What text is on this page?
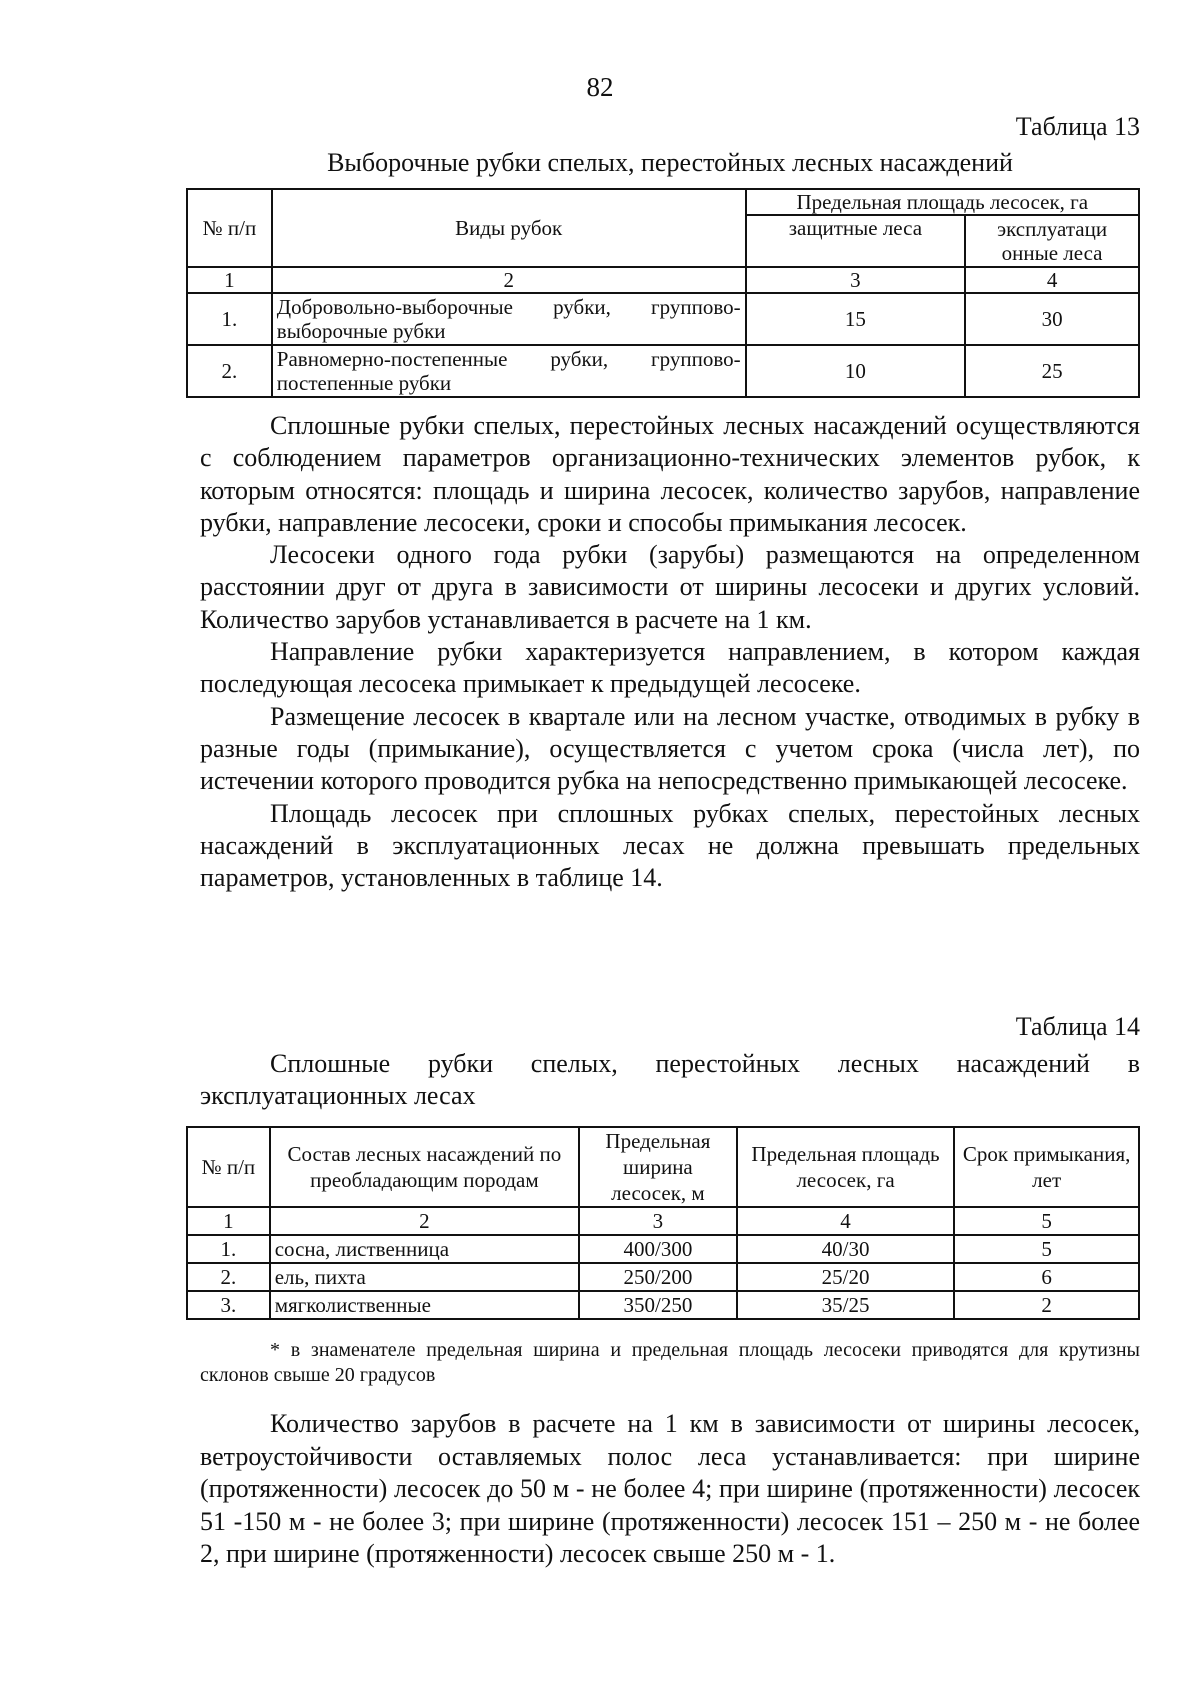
82
Таблица 13
Выборочные рубки спелых, перестойных лесных насаждений
№ п/п	Виды рубок	Предельная площадь лесосек, га	
		защитные леса	эксплуатаци онные леса
1	2	3	4
1.	Добровольно-выборочные рубки, группово-выборочные рубки	15	30
2.	Равномерно-постепенные рубки, группово-постепенные рубки	10	25

Сплошные рубки спелых, перестойных лесных насаждений осуществляются с соблюдением параметров организационно-технических элементов рубок, к которым относятся: площадь и ширина лесосек, количество зарубов, направление рубки, направление лесосеки, сроки и способы примыкания лесосек.

Лесосеки одного года рубки (зарубы) размещаются на определенном расстоянии друг от друга в зависимости от ширины лесосеки и других условий. Количество зарубов устанавливается в расчете на 1 км.

Направление рубки характеризуется направлением, в котором каждая последующая лесосека примыкает к предыдущей лесосеке.

Размещение лесосек в квартале или на лесном участке, отводимых в рубку в разные годы (примыкание), осуществляется с учетом срока (числа лет), по истечении которого проводится рубка на непосредственно примыкающей лесосеке.

Площадь лесосек при сплошных рубках спелых, перестойных лесных насаждений в эксплуатационных лесах не должна превышать предельных параметров, установленных в таблице 14.

Таблица 14

Сплошные рубки спелых, перестойных лесных насаждений в эксплуатационных лесах

№ п/п	Состав лесных насаждений по преобладающим породам	Предельная ширина лесосек, м	Предельная площадь лесосек, га	Срок примыкания, лет
1	2	3	4	5
1.	сосна, лиственница	400/300	40/30	5
2.	ель, пихта	250/200	25/20	6
3.	мягколиственные	350/250	35/25	2
* в знаменателе предельная ширина и предельная площадь лесосеки приводятся для крутизны склонов свыше 20 градусов

Количество зарубов в расчете на 1 км в зависимости от ширины лесосек, ветроустойчивости оставляемых полос леса устанавливается: при ширине (протяженности) лесосек до 50 м - не более 4; при ширине (протяженности) лесосек 51 -150 м - не более 3; при ширине (протяженности) лесосек 151 – 250 м - не более 2, при ширине (протяженности) лесосек свыше 250 м - 1.
